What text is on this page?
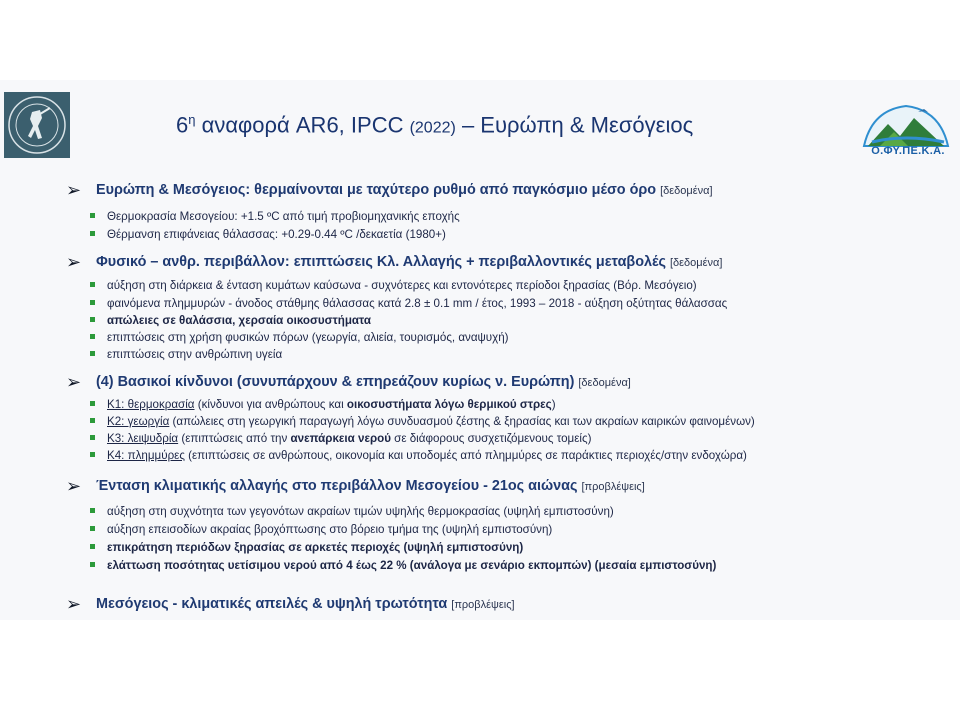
Ο.ΦΥ.ΠΕ.Κ.Α.
$6^\eta$ αναφορά AR6, IPCC (2022) – Ευρώπη & Μεσόγειος
➢ Ευρώπη & Μεσόγειος: θερμαίνονται με ταχύτερο ρυθμό από παγκόσμιο μέσο όρο [δεδομένα]
Θερμοκρασία Μεσογείου: +1.5 ºC από τιμή προβιομηχανικής εποχής
Θέρμανση επιφάνειας θάλασσας: +0.29-0.44 ºC /δεκαετία (1980+)
➢ Φυσικό – ανθρ. περιβάλλον: επιπτώσεις Κλ. Αλλαγής + περιβαλλοντικές μεταβολές [δεδομένα]
αύξηση στη διάρκεια & ένταση κυμάτων καύσωνα - συχνότερες και εντονότερες περίοδοι ξηρασίας (Βόρ. Μεσόγειο)
φαινόμενα πλημμυρών - άνοδος στάθμης θάλασσας κατά 2.8 ± 0.1 mm / έτος, 1993 – 2018 - αύξηση οξύτητας θάλασσας
απώλειες σε θαλάσσια, χερσαία οικοσυστήματα
επιπτώσεις στη χρήση φυσικών πόρων (γεωργία, αλιεία, τουρισμός, αναψυχή)
επιπτώσεις στην ανθρώπινη υγεία
➢ (4) Βασικοί κίνδυνοι (συνυπάρχουν & επηρεάζουν κυρίως ν. Ευρώπη) [δεδομένα]
Κ1: θερμοκρασία (κίνδυνοι για ανθρώπους και οικοσυστήματα λόγω θερμικού στρες)
Κ2: γεωργία (απώλειες στη γεωργική παραγωγή λόγω συνδυασμού ζέστης & ξηρασίας και των ακραίων καιρικών φαινομένων)
Κ3: λειψυδρία (επιπτώσεις από την ανεπάρκεια νερού σε διάφορους συσχετιζόμενους τομείς)
Κ4: πλημμύρες (επιπτώσεις σε ανθρώπους, οικονομία και υποδομές από πλημμύρες σε παράκτιες περιοχές/στην ενδοχώρα)
➢ Ένταση κλιματικής αλλαγής στο περιβάλλον Μεσογείου - 21ος αιώνας [προβλέψεις]
αύξηση στη συχνότητα των γεγονότων ακραίων τιμών υψηλής θερμοκρασίας (υψηλή εμπιστοσύνη)
αύξηση επεισοδίων ακραίας βροχόπτωσης στο βόρειο τμήμα της (υψηλή εμπιστοσύνη)
επικράτηση περιόδων ξηρασίας σε αρκετές περιοχές (υψηλή εμπιστοσύνη)
ελάττωση ποσότητας υετίσιμου νερού από 4 έως 22 % (ανάλογα με σενάριο εκπομπών) (μεσαία εμπιστοσύνη)
➢ Μεσόγειος - κλιματικές απειλές & υψηλή τρωτότητα [προβλέψεις]
